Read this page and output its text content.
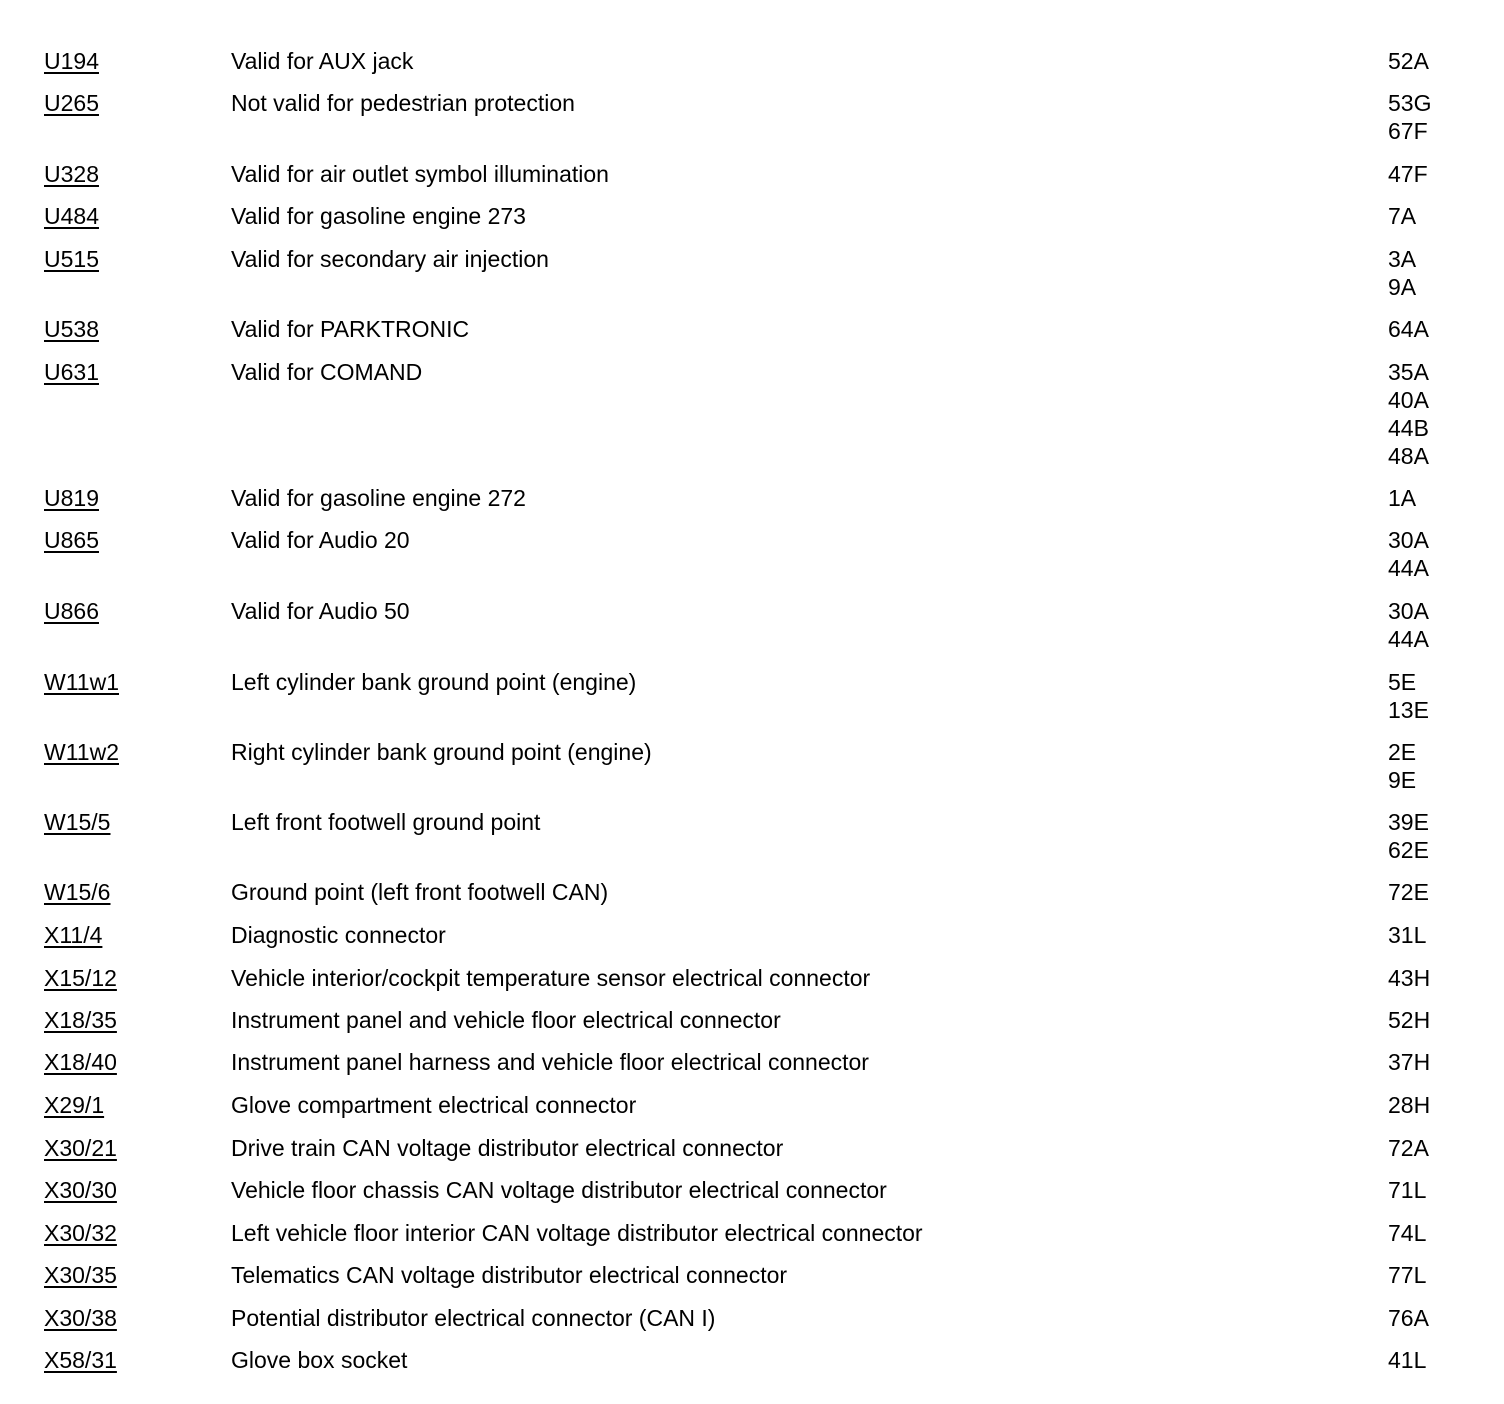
U194	Valid for AUX jack	52A
U265	Not valid for pedestrian protection	53G
67F
U328	Valid for air outlet symbol illumination	47F
U484	Valid for gasoline engine 273	7A
U515	Valid for secondary air injection	3A
9A
U538	Valid for PARKTRONIC	64A
U631	Valid for COMAND	35A
40A
44B
48A
U819	Valid for gasoline engine 272	1A
U865	Valid for Audio 20	30A
44A
U866	Valid for Audio 50	30A
44A
W11w1	Left cylinder bank ground point (engine)	5E
13E
W11w2	Right cylinder bank ground point (engine)	2E
9E
W15/5	Left front footwell ground point	39E
62E
W15/6	Ground point (left front footwell CAN)	72E
X11/4	Diagnostic connector	31L
X15/12	Vehicle interior/cockpit temperature sensor electrical connector	43H
X18/35	Instrument panel and vehicle floor electrical connector	52H
X18/40	Instrument panel harness and vehicle floor electrical connector	37H
X29/1	Glove compartment electrical connector	28H
X30/21	Drive train CAN voltage distributor electrical connector	72A
X30/30	Vehicle floor chassis CAN voltage distributor electrical connector	71L
X30/32	Left vehicle floor interior CAN voltage distributor electrical connector	74L
X30/35	Telematics CAN voltage distributor electrical connector	77L
X30/38	Potential distributor electrical connector (CAN I)	76A
X58/31	Glove box socket	41L
